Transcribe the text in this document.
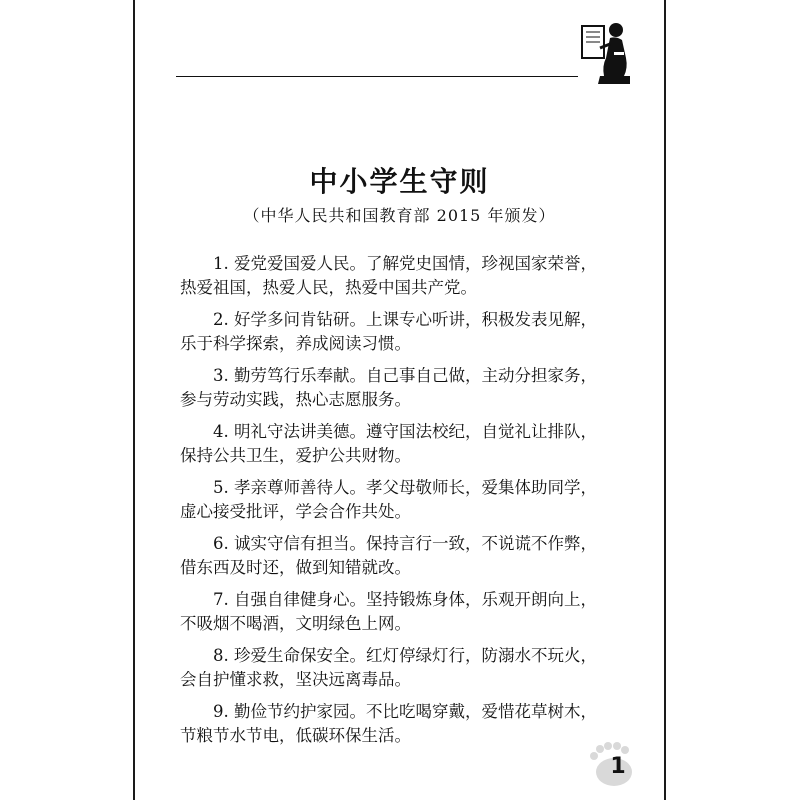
中小学生守则
（中华人民共和国教育部 2015 年颁发）
1. 爱党爱国爱人民。了解党史国情，珍视国家荣誉，
热爱祖国，热爱人民，热爱中国共产党。
2. 好学多问肯钻研。上课专心听讲，积极发表见解，
乐于科学探索，养成阅读习惯。
3. 勤劳笃行乐奉献。自己事自己做，主动分担家务，
参与劳动实践，热心志愿服务。
4. 明礼守法讲美德。遵守国法校纪，自觉礼让排队，
保持公共卫生，爱护公共财物。
5. 孝亲尊师善待人。孝父母敬师长，爱集体助同学，
虚心接受批评，学会合作共处。
6. 诚实守信有担当。保持言行一致，不说谎不作弊，
借东西及时还，做到知错就改。
7. 自强自律健身心。坚持锻炼身体，乐观开朗向上，
不吸烟不喝酒，文明绿色上网。
8. 珍爱生命保安全。红灯停绿灯行，防溺水不玩火，
会自护懂求救，坚决远离毒品。
9. 勤俭节约护家园。不比吃喝穿戴，爱惜花草树木，
节粮节水节电，低碳环保生活。
1
